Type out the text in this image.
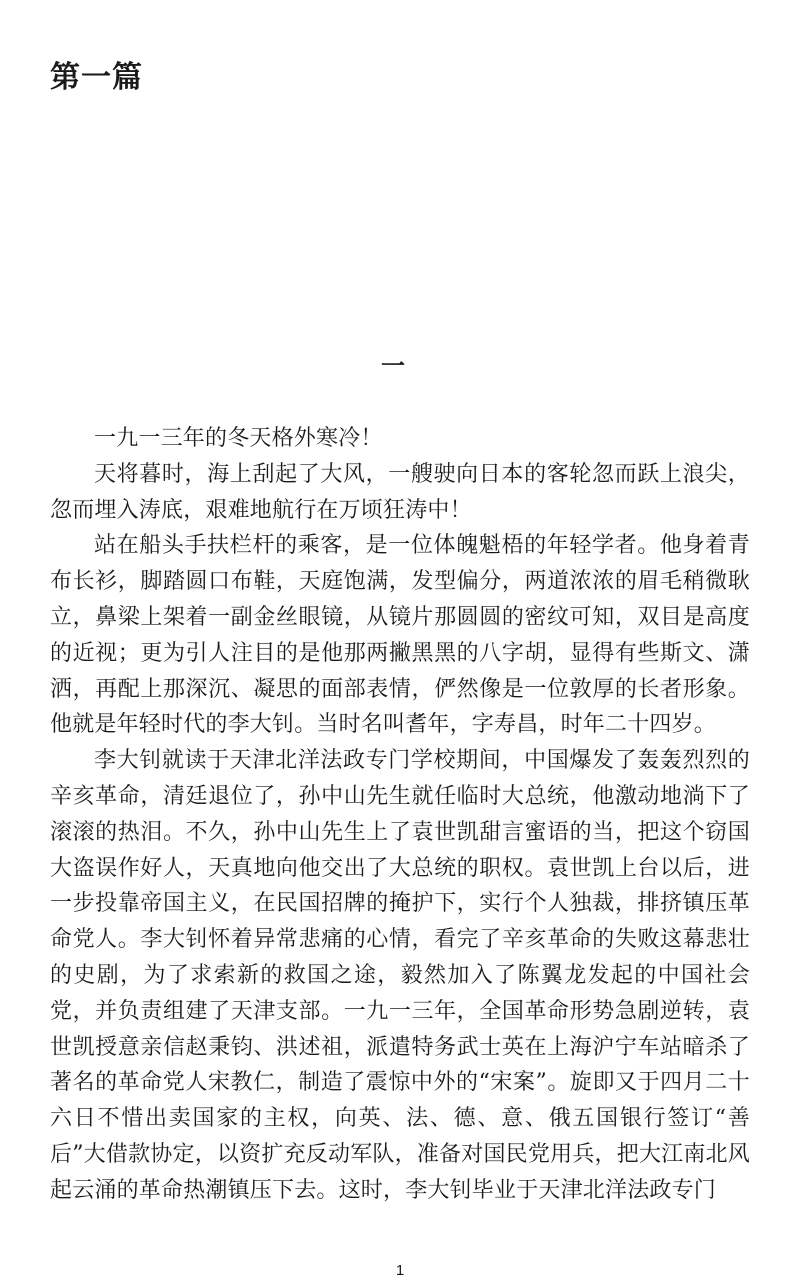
第一篇
一

一九一三年的冬天格外寒冷！

天将暮时，海上刮起了大风，一艘驶向日本的客轮忽而跃上浪尖，忽而埋入涛底，艰难地航行在万顷狂涛中！

站在船头手扶栏杆的乘客，是一位体魄魁梧的年轻学者。他身着青布长衫，脚踏圆口布鞋，天庭饱满，发型偏分，两道浓浓的眉毛稍微耿立，鼻梁上架着一副金丝眼镜，从镜片那圆圆的密纹可知，双目是高度的近视；更为引人注目的是他那两撇黑黑的八字胡，显得有些斯文、潇洒，再配上那深沉、凝思的面部表情，俨然像是一位敦厚的长者形象。他就是年轻时代的李大钊。当时名叫耆年，字寿昌，时年二十四岁。

李大钊就读于天津北洋法政专门学校期间，中国爆发了轰轰烈烈的辛亥革命，清廷退位了，孙中山先生就任临时大总统，他激动地淌下了滚滚的热泪。不久，孙中山先生上了袁世凯甜言蜜语的当，把这个窃国大盗误作好人，天真地向他交出了大总统的职权。袁世凯上台以后，进一步投靠帝国主义，在民国招牌的掩护下，实行个人独裁，排挤镇压革命党人。李大钊怀着异常悲痛的心情，看完了辛亥革命的失败这幕悲壮的史剧，为了求索新的救国之途，毅然加入了陈翼龙发起的中国社会党，并负责组建了天津支部。一九一三年，全国革命形势急剧逆转，袁世凯授意亲信赵秉钧、洪述祖，派遣特务武士英在上海沪宁车站暗杀了著名的革命党人宋教仁，制造了震惊中外的“宋案”。旋即又于四月二十六日不惜出卖国家的主权，向英、法、德、意、俄五国银行签订“善后”大借款协定，以资扩充反动军队，准备对国民党用兵，把大江南北风起云涌的革命热潮镇压下去。这时，李大钊毕业于天津北洋法政专门

1
